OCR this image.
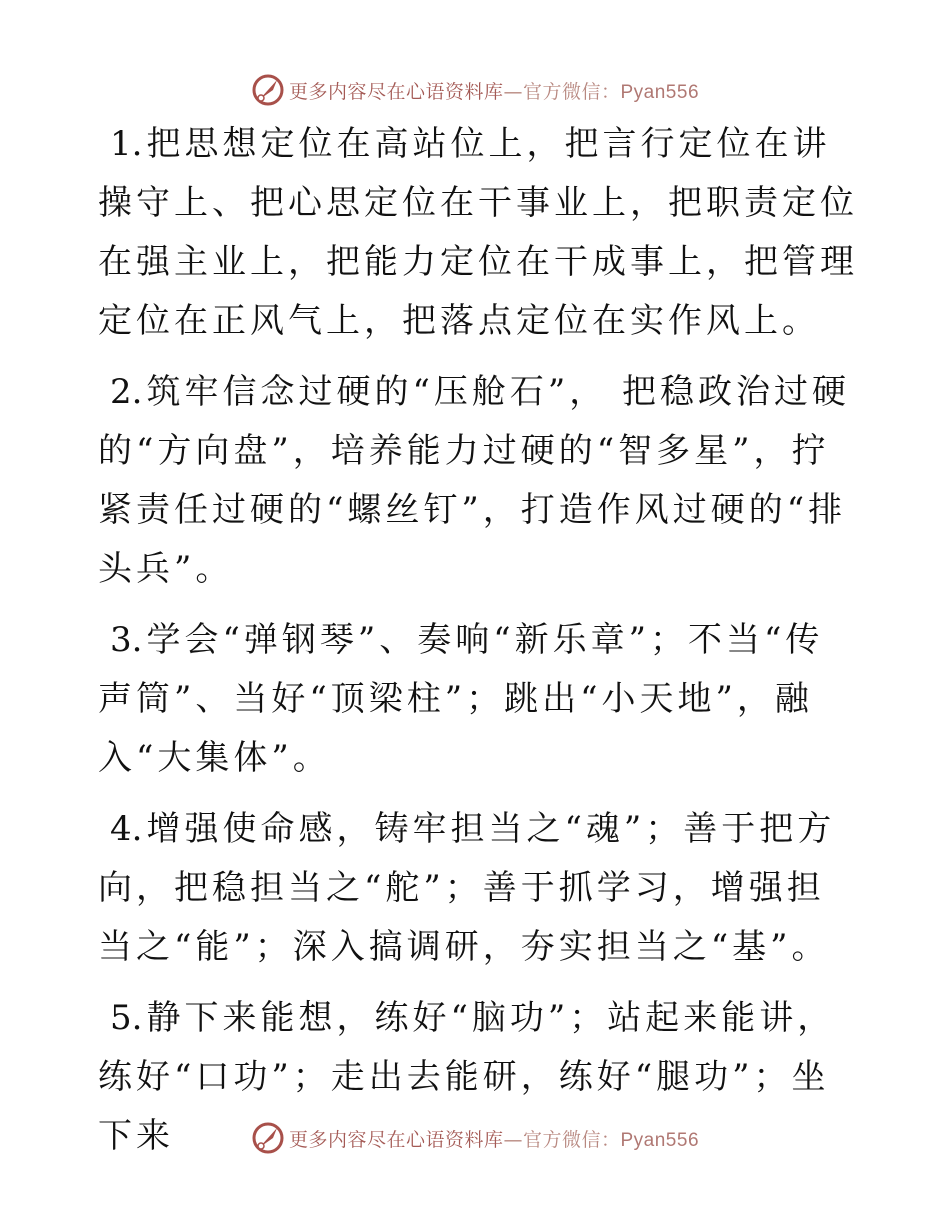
更多内容尽在心语资料库—官方微信：Pyan556

1. 把思想定位在高站位上，把言行定位在讲操守上、把心思定位在干事业上，把职责定位在强主业上，把能力定位在干成事上，把管理定位在正风气上，把落点定位在实作风上。

2. 筑牢信念过硬的“压舱石”， 把稳政治过硬的“方向盘”，培养能力过硬的“智多星”，拧紧责任过硬的“螺丝钉”，打造作风过硬的“排头兵”。

3. 学会“弹钢琴”、奏响“新乐章”；不当“传声筒”、当好“顶梁柱”；跳出“小天地”，融入“大集体”。

4. 增强使命感，铸牢担当之“魂”；善于把方向，把稳担当之“舵”；善于抓学习，增强担当之“能”；深入搞调研，夯实担当之“基”。

5. 静下来能想，练好“脑功”；站起来能讲，练好“口功”；走出去能研，练好“腿功”；坐下来	更多内容尽在心语资料库—官方微信：Pyan556
